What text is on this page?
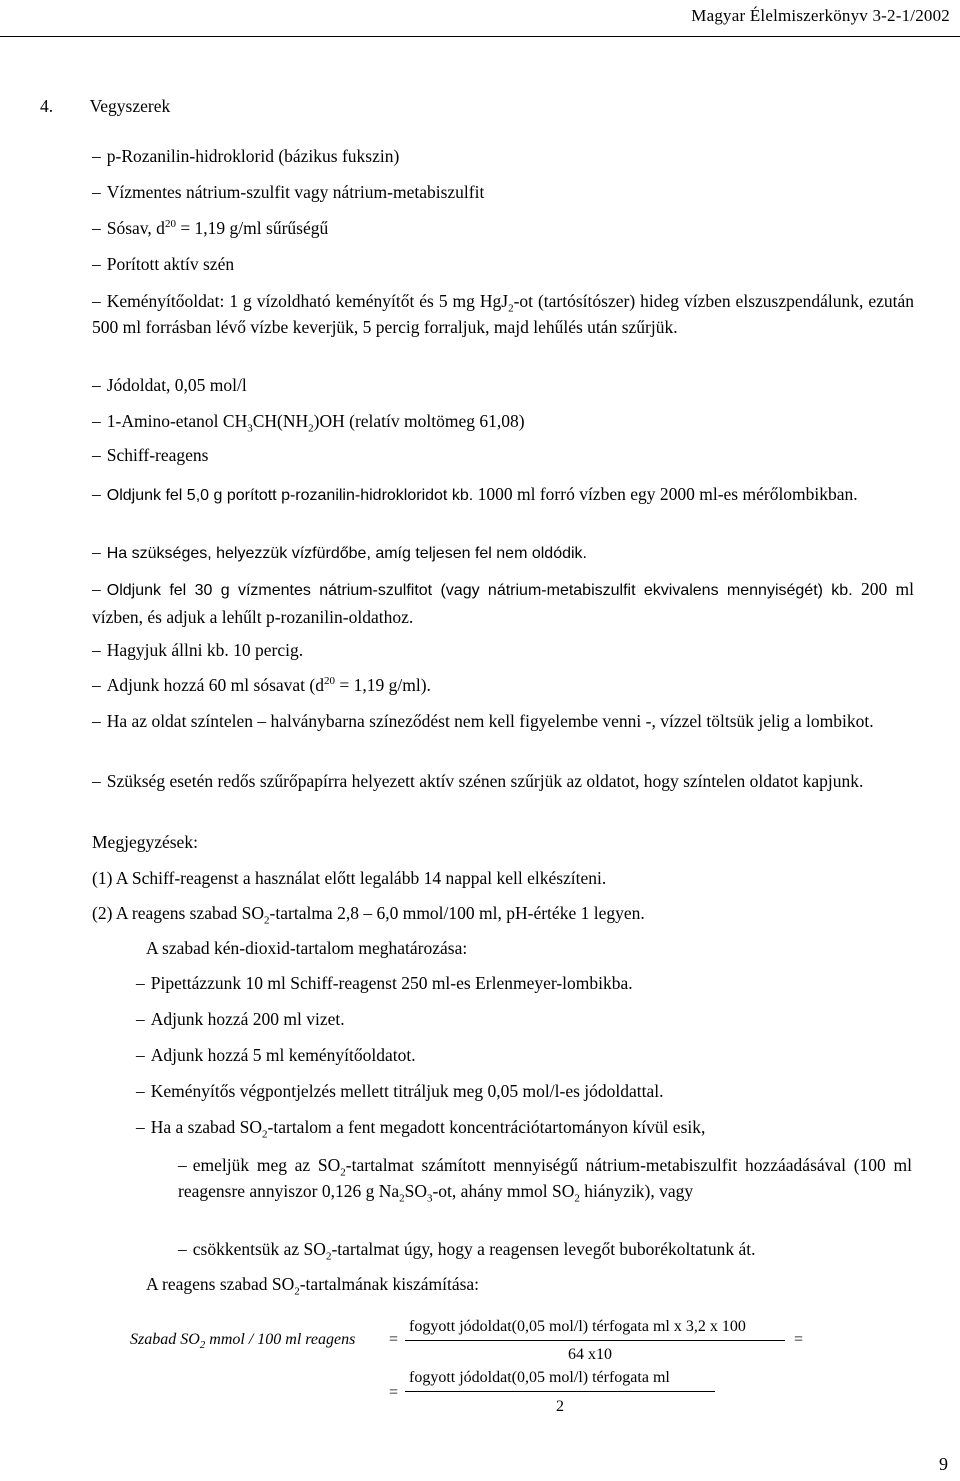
Magyar Élelmiszerkönyv 3-2-1/2002
4. Vegyszerek
– p-Rozanilin-hidroklorid (bázikus fukszin)
– Vízmentes nátrium-szulfit vagy nátrium-metabiszulfit
– Sósav, $d^{20} = 1,19$ g/ml sűrűségű
– Porított aktív szén
– Keményítőoldat: 1 g vízoldható keményítőt és 5 mg HgJ$_2$-ot (tartósítószer) hideg vízben elszuszpendálunk, ezután 500 ml forrásban lévő vízbe keverjük, 5 percig forraljuk, majd lehűlés után szűrjük.
– Jódoldat, 0,05 mol/l
– 1-Amino-etanol $CH_3CH(NH_2)OH$ (relatív moltömeg 61,08)
– Schiff-reagens
– Oldjunk fel 5,0 g porított p-rozanilin-hidrokloridot kb. 1000 ml forró vízben egy 2000 ml-es mérőlombikban.
– Ha szükséges, helyezzük vízfürdőbe, amíg teljesen fel nem oldódik.
– Oldjunk fel 30 g vízmentes nátrium-szulfitot (vagy nátrium-metabiszulfit ekvivalens mennyiségét) kb. 200 ml vízben, és adjuk a lehűlt p-rozanilin-oldathoz.
– Hagyjuk állni kb. 10 percig.
– Adjunk hozzá 60 ml sósavat ($d^{20} = 1,19$ g/ml).
– Ha az oldat színtelen – halványbarna színeződést nem kell figyelembe venni -, vízzel töltsük jelig a lombikot.
– Szükség esetén redős szűrőpapírra helyezett aktív szénen szűrjük az oldatot, hogy színtelen oldatot kapjunk.
Megjegyzések:
(1) A Schiff-reagenst a használat előtt legalább 14 nappal kell elkészíteni.
(2) A reagens szabad $SO_2$-tartalma 2,8 – 6,0 mmol/100 ml, pH-értéke 1 legyen.
A szabad kén-dioxid-tartalom meghatározása:
– Pipettázzunk 10 ml Schiff-reagenst 250 ml-es Erlenmeyer-lombikba.
– Adjunk hozzá 200 ml vizet.
– Adjunk hozzá 5 ml keményítőoldatot.
– Keményítős végpontjelzés mellett titráljuk meg 0,05 mol/l-es jódoldattal.
– Ha a szabad $SO_2$-tartalom a fent megadott koncentrációtartományon kívül esik,
– emeljük meg az $SO_2$-tartalmat számított mennyiségű nátrium-metabiszulfit hozzáadásával (100 ml reagensre annyiszor 0,126 g $Na_2SO_3-ot$, ahány mmol $SO_2$ hiányzik), vagy
– csökkentsük az $SO_2$-tartalmat úgy, hogy a reagensen levegőt buborékoltatunk át.
A reagens szabad $SO_2$-tartalmának kiszámítása:
Szabad $SO_2$ mmol / 100 ml reagens =
fogyott jódoldat(0,05 mol/l) térfogata ml x 3,2 x 100
64 x10
=
=
fogyott jódoldat(0,05 mol/l) térfogata ml
2
9
